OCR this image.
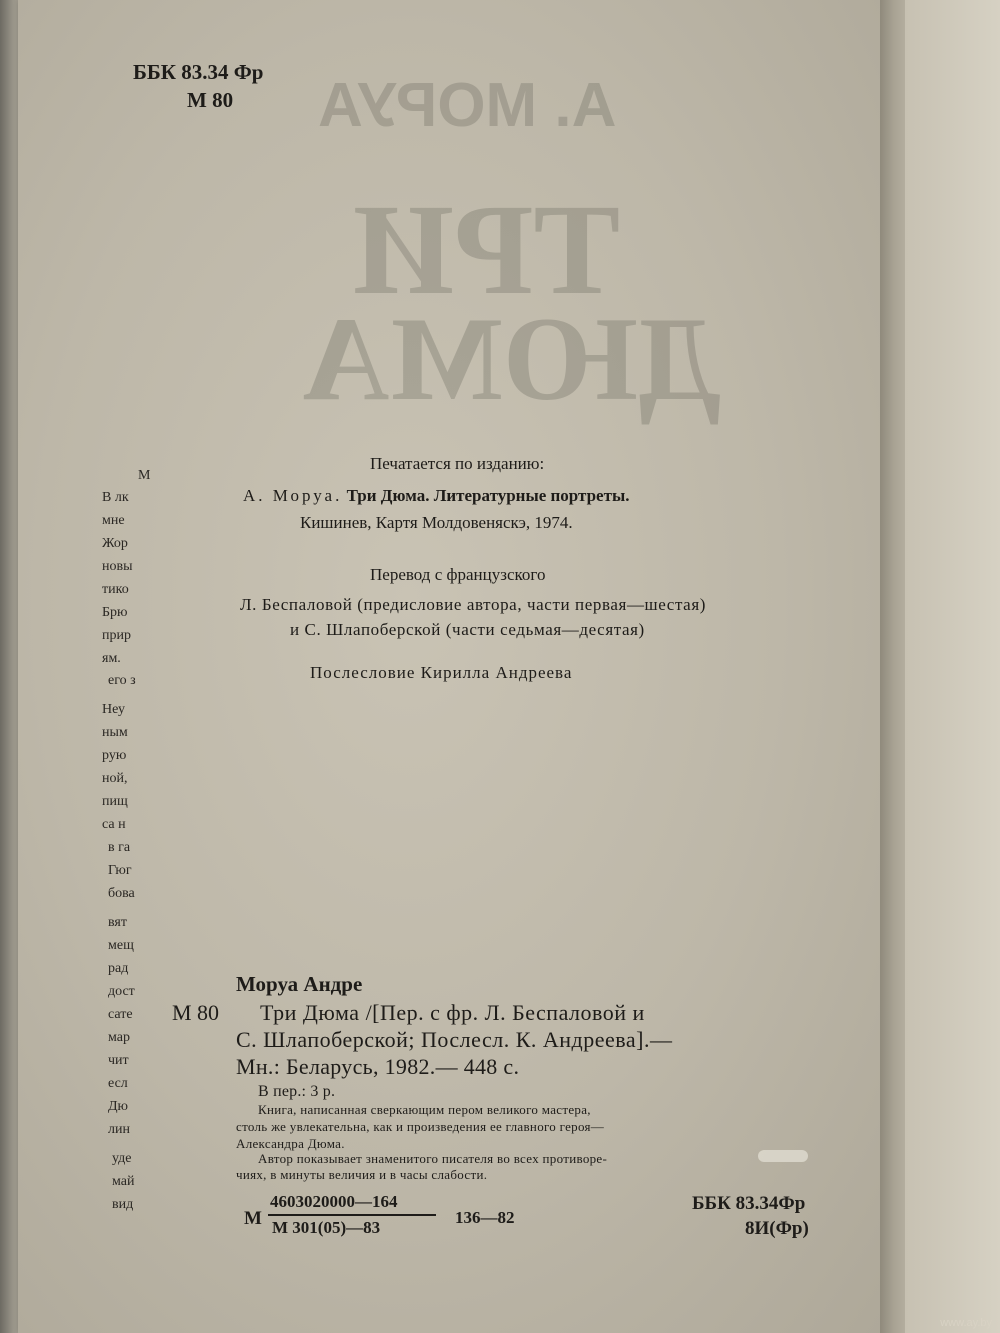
А. МОРУА
ТРИ
ДЮМА
М
В лк
мне
Жор
новы
тико
Брю
прир
ям.
его з
Неу
ным
рую
ной,
пищ
са н
в га
Гюг
бова
вят
мещ
рад
дост
сате
мар
чит
есл
Дю
лин
уде
май
вид
ББК 83.34 Фр
М 80
Печатается по изданию:
А. Моруа. Три Дюма. Литературные портреты.
Кишинев, Картя Молдовеняскэ, 1974.
Перевод с французского
Л. Беспаловой (предисловие автора, части первая—шестая)
и С. Шлапоберской (части седьмая—десятая)
Послесловие Кирилла Андреева
Моруа Андре
М 80 Три Дюма /[Пер. с фр. Л. Беспаловой и
С. Шлапоберской; Послесл. К. Андреева].—
Мн.: Беларусь, 1982.— 448 с.
В пер.: 3 р.
Книга, написанная сверкающим пером великого мастера,
столь же увлекательна, как и произведения ее главного героя—
Александра Дюма.
Автор показывает знаменитого писателя во всех противоре-
чиях, в минуты величия и в часы слабости.
М
4603020000—164
М 301(05)—83
136—82
ББК 83.34Фр
8И(Фр)
www.ay.by
